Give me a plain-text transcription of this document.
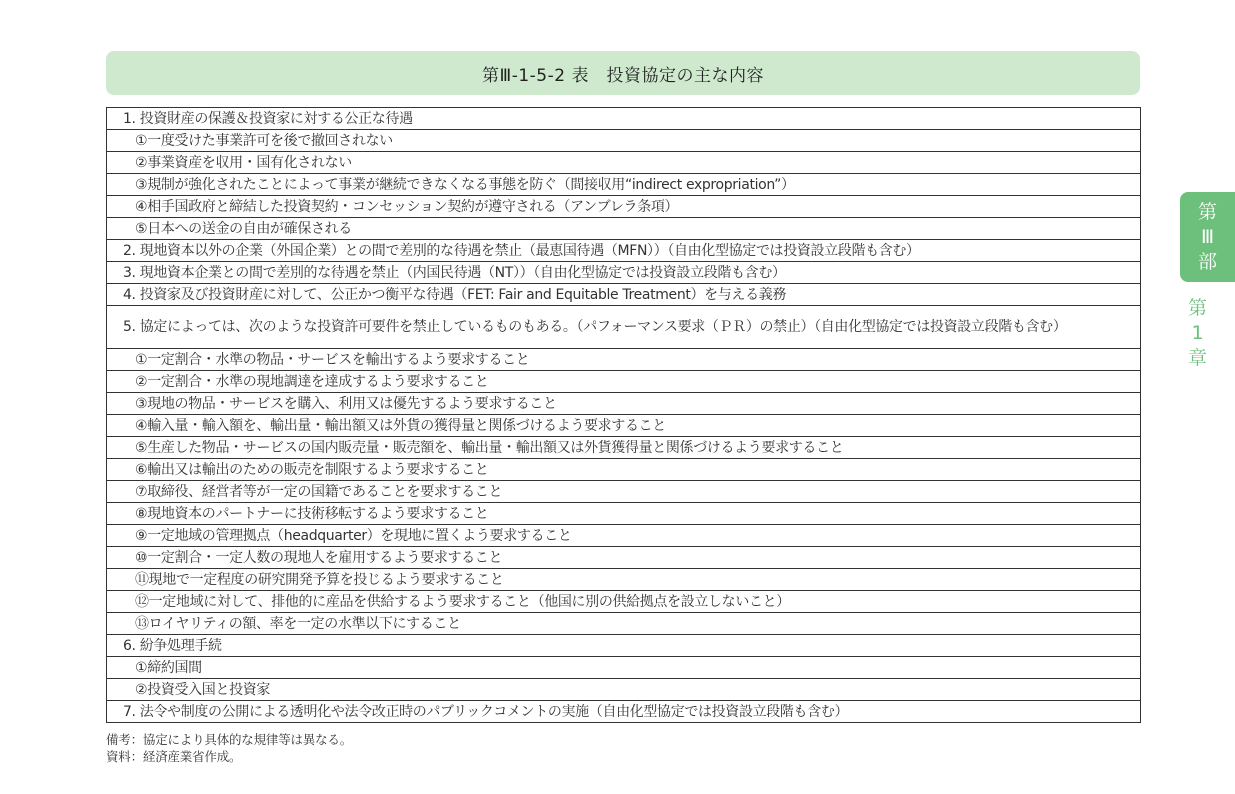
第Ⅲ-1-5-2 表　投資協定の主な内容
1. 投資財産の保護＆投資家に対する公正な待遇
①一度受けた事業許可を後で撤回されない
②事業資産を収用・国有化されない
③規制が強化されたことによって事業が継続できなくなる事態を防ぐ（間接収用“indirect expropriation”）
④相手国政府と締結した投資契約・コンセッション契約が遵守される（アンブレラ条項）
⑤日本への送金の自由が確保される
2. 現地資本以外の企業（外国企業）との間で差別的な待遇を禁止（最恵国待遇（MFN））（自由化型協定では投資設立段階も含む）
3. 現地資本企業との間で差別的な待遇を禁止（内国民待遇（NT））（自由化型協定では投資設立段階も含む）
4. 投資家及び投資財産に対して、公正かつ衡平な待遇（FET: Fair and Equitable Treatment）を与える義務
5. 協定によっては、次のような投資許可要件を禁止しているものもある。（パフォーマンス要求（ＰＲ）の禁止）（自由化型協定では投資設立段階も含む）
①一定割合・水準の物品・サービスを輸出するよう要求すること
②一定割合・水準の現地調達を達成するよう要求すること
③現地の物品・サービスを購入、利用又は優先するよう要求すること
④輸入量・輸入額を、輸出量・輸出額又は外貨の獲得量と関係づけるよう要求すること
⑤生産した物品・サービスの国内販売量・販売額を、輸出量・輸出額又は外貨獲得量と関係づけるよう要求すること
⑥輸出又は輸出のための販売を制限するよう要求すること
⑦取締役、経営者等が一定の国籍であることを要求すること
⑧現地資本のパートナーに技術移転するよう要求すること
⑨一定地域の管理拠点（headquarter）を現地に置くよう要求すること
⑩一定割合・一定人数の現地人を雇用するよう要求すること
⑪現地で一定程度の研究開発予算を投じるよう要求すること
⑫一定地域に対して、排他的に産品を供給するよう要求すること（他国に別の供給拠点を設立しないこと）
⑬ロイヤリティの額、率を一定の水準以下にすること
6. 紛争処理手続
①締約国間
②投資受入国と投資家
7. 法令や制度の公開による透明化や法令改正時のパブリックコメントの実施（自由化型協定では投資設立段階も含む）
備考：協定により具体的な規律等は異なる。
資料：経済産業省作成。
第
Ⅲ
部
第
1
章
